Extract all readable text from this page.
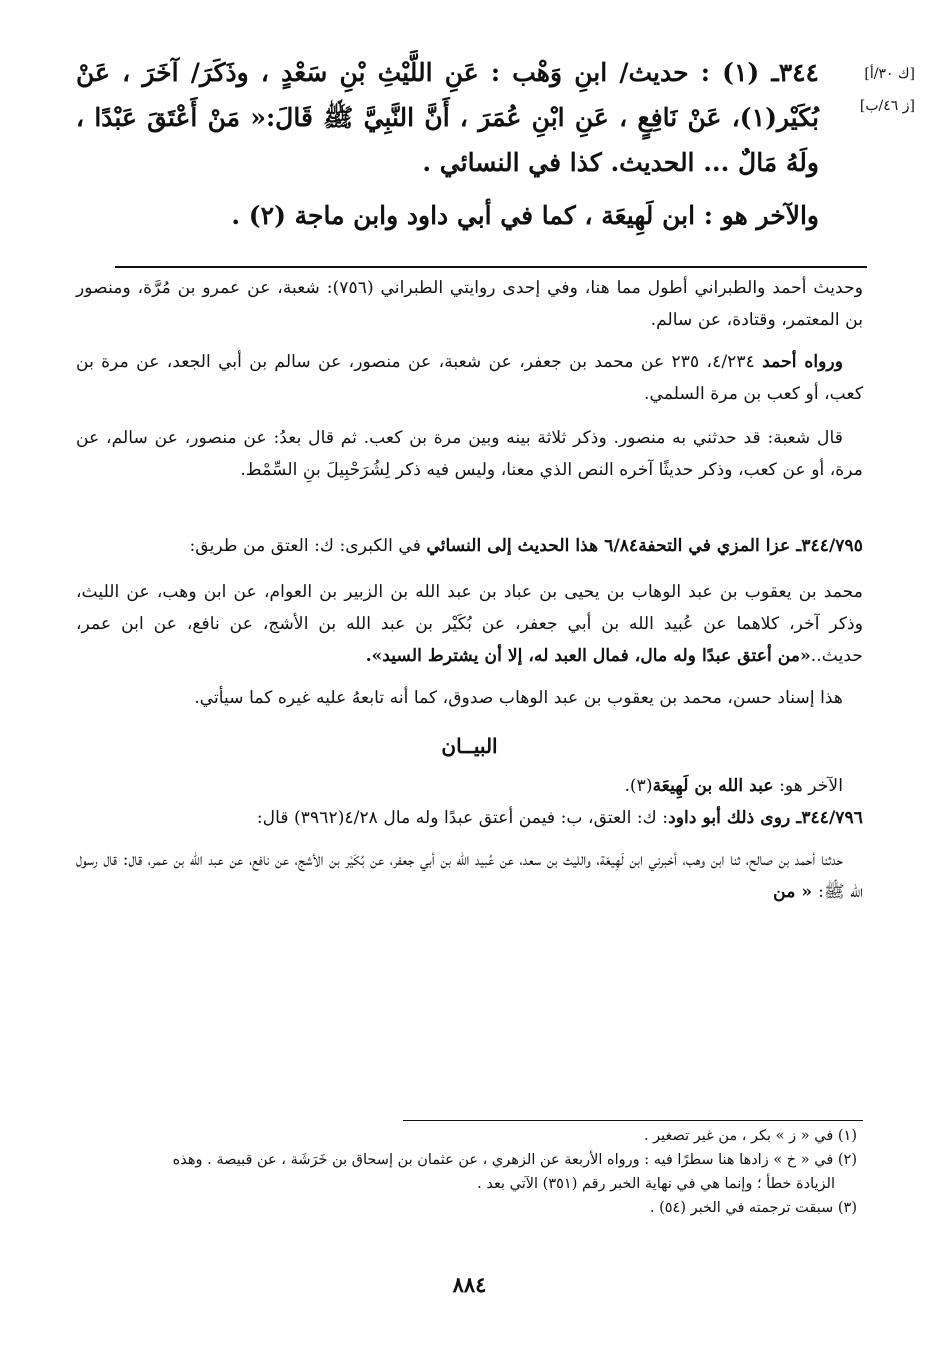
[ك ٣٠/أ]
[ز ٤٦/ب]

٣٤٤ـ (١) : حديث/ ابنِ وَهْب : عَنِ اللَّيْثِ بْنِ سَعْدٍ ، وذَكَرَ/ آخَرَ ، عَنْ بُكَيْر(١)، عَنْ نَافِعٍ ، عَنِ ابْنِ عُمَرَ ، أَنَّ النَّبِيَّ ﷺ قَالَ:« مَنْ أَعْتَقَ عَبْدًا ، ولَهُ مَالٌ ... الحديث. كذا في النسائي .

والآخر هو : ابن لَهِيعَة ، كما في أبي داود وابن ماجة (٢) .

وحديث أحمد والطبراني أطول مما هنا، وفي إحدى روايتي الطبراني (٧٥٦): شعبة، عن عمرو بن مُرَّة، ومنصور بن المعتمر، وقتادة، عن سالم.

ورواه أحمد ٤/٢٣٤، ٢٣٥ عن محمد بن جعفر، عن شعبة، عن منصور، عن سالم بن أبي الجعد، عن مرة بن كعب، أو كعب بن مرة السلمي.

قال شعبة: قد حدثني به منصور. وذكر ثلاثة بينه وبين مرة بن كعب. ثم قال بعدُ: عن منصور، عن سالم، عن مرة، أو عن كعب، وذكر حديثًا آخره النص الذي معنا، وليس فيه ذكر لِشُرَحْبِيلَ بنِ السِّمْط.

٣٤٤/٧٩٥ـ عزا المزي في التحفة٦/٨٤ هذا الحديث إلى النسائي في الكبرى: ك: العتق من طريق:

محمد بن يعقوب بن عبد الوهاب بن يحيى بن عباد بن عبد الله بن الزبير بن العوام، عن ابن وهب، عن الليث، وذكر آخر، كلاهما عن عُبيد الله بن أبي جعفر، عن بُكَيْر بن عبد الله بن الأشج، عن نافع، عن ابن عمر، حديث..«من أعتق عبدًا وله مال، فمال العبد له، إلا أن يشترط السيد».

هذا إسناد حسن، محمد بن يعقوب بن عبد الوهاب صدوق، كما أنه تابعهُ عليه غيره كما سيأتي.

البيــان

الآخر هو: عبد الله بن لَهِيعَة(٣).

٣٤٤/٧٩٦ـ روى ذلك أبو داود: ك: العتق، ب: فيمن أعتق عبدًا وله مال ٤/٢٨(٣٩٦٢) قال:

حدثنا أحمد بن صالح، ثنا ابن وهب، أخبرني ابن لَهِيعَة، والليث بن سعد، عن عُبيد الله بن أبي جعفر، عن بُكَيْر بن الأشج، عن نافع، عن عبد الله بن عمر، قال: قال رسول الله ﷺ: « من

(١) في « ز » بكر ، من غير تصغير .

(٢) في « خ » زادها هنا سطرًا فيه : ورواه الأربعة عن الزهري ، عن عثمان بن إسحاق بن خَرَشَة ، عن قبيصة . وهذه

الزيادة خطأ ؛ وإنما هي في نهاية الخبر رقم (٣٥١) الآتي بعد .

(٣) سبقت ترجمته في الخبر (٥٤) .

٨٨٤
